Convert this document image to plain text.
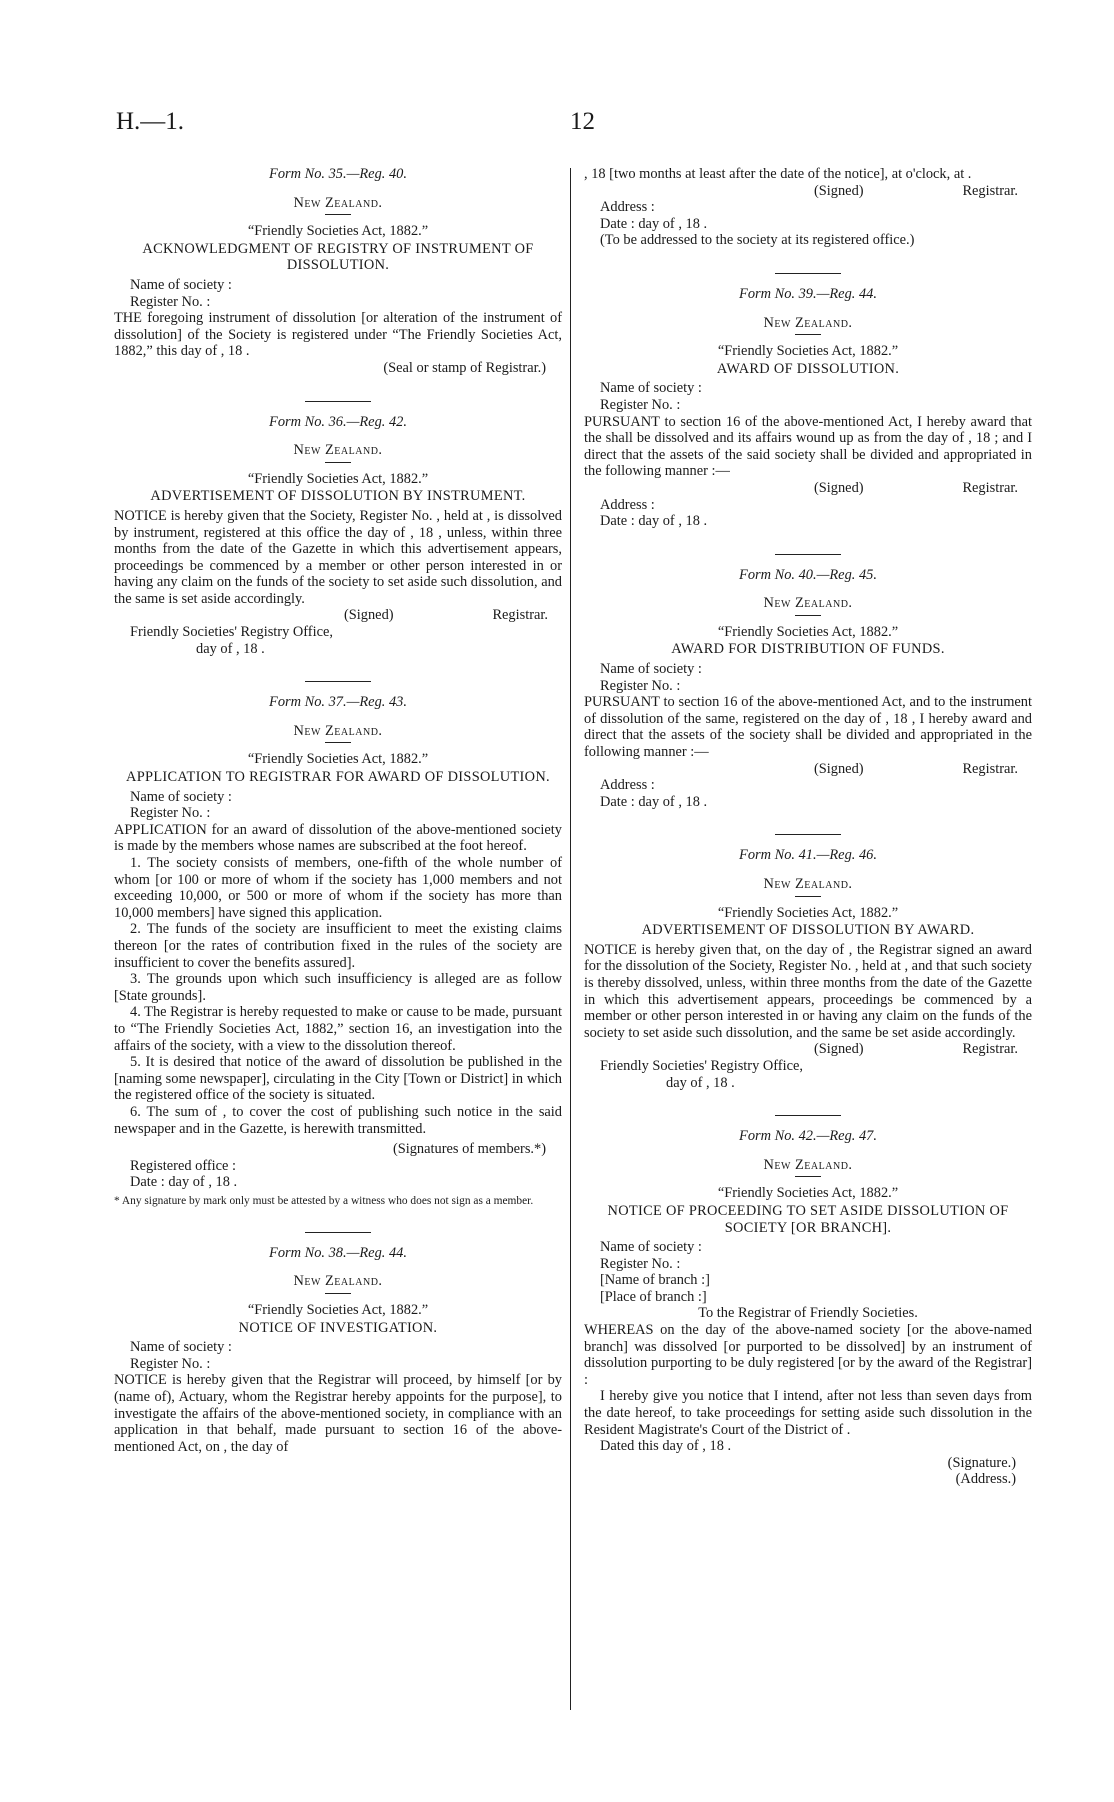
H.—1.	12
Form No. 35.—Reg. 40.
New Zealand.
“Friendly Societies Act, 1882.”
ACKNOWLEDGMENT OF REGISTRY OF INSTRUMENT OF DISSOLUTION.
Name of society :
Register No. :
THE foregoing instrument of dissolution [or alteration of the instrument of dissolution] of the Society is registered under “The Friendly Societies Act, 1882,” this day of , 18 .
(Seal or stamp of Registrar.)
Form No. 36.—Reg. 42.
New Zealand.
“Friendly Societies Act, 1882.”
ADVERTISEMENT OF DISSOLUTION BY INSTRUMENT.
NOTICE is hereby given that the Society, Register No. , held at , is dissolved by instrument, registered at this office the day of , 18 , unless, within three months from the date of the Gazette in which this advertisement appears, proceedings be commenced by a member or other person interested in or having any claim on the funds of the society to set aside such dissolution, and the same is set aside accordingly.
(Signed)	Registrar.
Friendly Societies' Registry Office,
day of , 18 .
Form No. 37.—Reg. 43.
New Zealand.
“Friendly Societies Act, 1882.”
APPLICATION TO REGISTRAR FOR AWARD OF DISSOLUTION.
Name of society :
Register No. :
APPLICATION for an award of dissolution of the above-mentioned society is made by the members whose names are subscribed at the foot hereof.
1. The society consists of members, one-fifth of the whole number of whom [or 100 or more of whom if the society has 1,000 members and not exceeding 10,000, or 500 or more of whom if the society has more than 10,000 members] have signed this application.
2. The funds of the society are insufficient to meet the existing claims thereon [or the rates of contribution fixed in the rules of the society are insufficient to cover the benefits assured].
3. The grounds upon which such insufficiency is alleged are as follow [State grounds].
4. The Registrar is hereby requested to make or cause to be made, pursuant to “The Friendly Societies Act, 1882,” section 16, an investigation into the affairs of the society, with a view to the dissolution thereof.
5. It is desired that notice of the award of dissolution be published in the [naming some newspaper], circulating in the City [Town or District] in which the registered office of the society is situated.
6. The sum of , to cover the cost of publishing such notice in the said newspaper and in the Gazette, is herewith transmitted.
(Signatures of members.*)
Registered office :
Date : day of , 18 .
* Any signature by mark only must be attested by a witness who does not sign as a member.
Form No. 38.—Reg. 44.
New Zealand.
“Friendly Societies Act, 1882.”
NOTICE OF INVESTIGATION.
Name of society :
Register No. :
NOTICE is hereby given that the Registrar will proceed, by himself [or by (name of), Actuary, whom the Registrar hereby appoints for the purpose], to investigate the affairs of the above-mentioned society, in compliance with an application in that behalf, made pursuant to section 16 of the above-mentioned Act, on , the day of
, 18 [two months at least after the date of the notice], at o'clock, at .
(Signed)	Registrar.
Address :
Date : day of , 18 .
(To be addressed to the society at its registered office.)
Form No. 39.—Reg. 44.
New Zealand.
“Friendly Societies Act, 1882.”
AWARD OF DISSOLUTION.
Name of society :
Register No. :
PURSUANT to section 16 of the above-mentioned Act, I hereby award that the shall be dissolved and its affairs wound up as from the day of , 18 ; and I direct that the assets of the said society shall be divided and appropriated in the following manner :—
(Signed)	Registrar.
Address :
Date : day of , 18 .
Form No. 40.—Reg. 45.
New Zealand.
“Friendly Societies Act, 1882.”
AWARD FOR DISTRIBUTION OF FUNDS.
Name of society :
Register No. :
PURSUANT to section 16 of the above-mentioned Act, and to the instrument of dissolution of the same, registered on the day of , 18 , I hereby award and direct that the assets of the society shall be divided and appropriated in the following manner :—
(Signed)	Registrar.
Address :
Date : day of , 18 .
Form No. 41.—Reg. 46.
New Zealand.
“Friendly Societies Act, 1882.”
ADVERTISEMENT OF DISSOLUTION BY AWARD.
NOTICE is hereby given that, on the day of , the Registrar signed an award for the dissolution of the Society, Register No. , held at , and that such society is thereby dissolved, unless, within three months from the date of the Gazette in which this advertisement appears, proceedings be commenced by a member or other person interested in or having any claim on the funds of the society to set aside such dissolution, and the same be set aside accordingly.
(Signed)	Registrar.
Friendly Societies' Registry Office,
day of , 18 .
Form No. 42.—Reg. 47.
New Zealand.
“Friendly Societies Act, 1882.”
NOTICE OF PROCEEDING TO SET ASIDE DISSOLUTION OF SOCIETY [OR BRANCH].
Name of society :
Register No. :
[Name of branch :]
[Place of branch :]
To the Registrar of Friendly Societies.
WHEREAS on the day of the above-named society [or the above-named branch] was dissolved [or purported to be dissolved] by an instrument of dissolution purporting to be duly registered [or by the award of the Registrar] :
I hereby give you notice that I intend, after not less than seven days from the date hereof, to take proceedings for setting aside such dissolution in the Resident Magistrate's Court of the District of .
Dated this day of , 18 .
(Signature.)
(Address.)
